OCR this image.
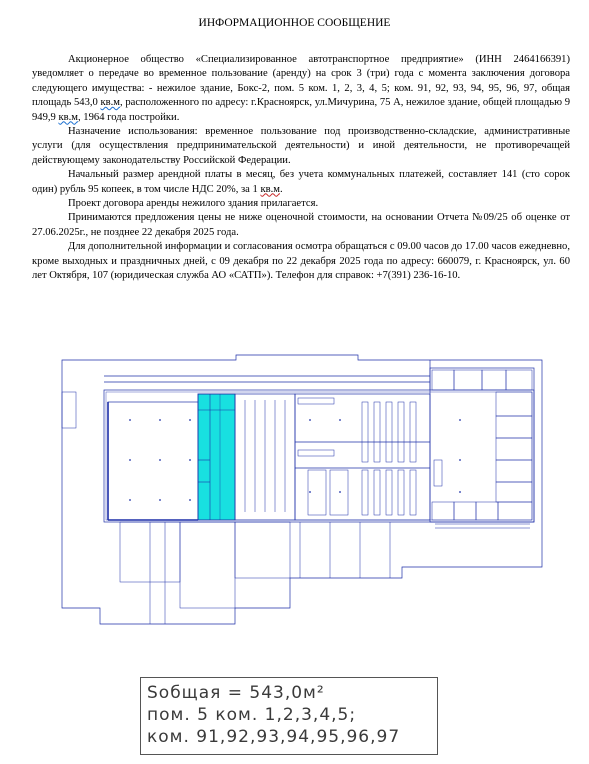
ИНФОРМАЦИОННОЕ СООБЩЕНИЕ

Акционерное общество «Специализированное автотранспортное предприятие» (ИНН 2464166391) уведомляет о передаче во временное пользование (аренду) на срок 3 (три) года с момента заключения договора следующего имущества: - нежилое здание, Бокс-2, пом. 5 ком. 1, 2, 3, 4, 5; ком. 91, 92, 93, 94, 95, 96, 97, общая площадь 543,0 кв.м, расположенного по адресу: г.Красноярск, ул.Мичурина, 75 А, нежилое здание, общей площадью 9 949,9 кв.м, 1964 года постройки.

Назначение использования: временное пользование под производственно-складские, административные услуги (для осуществления предпринимательской деятельности) и иной деятельности, не противоречащей действующему законодательству Российской Федерации.

Начальный размер арендной платы в месяц, без учета коммунальных платежей, составляет 141 (сто сорок один) рубль 95 копеек, в том числе НДС 20%, за 1 кв.м.

Проект договора аренды нежилого здания прилагается.

Принимаются предложения цены не ниже оценочной стоимости, на основании Отчета №09/25 об оценке от 27.06.2025г., не позднее 22 декабря 2025 года.

Для дополнительной информации и согласования осмотра обращаться с 09.00 часов до 17.00 часов ежедневно, кроме выходных и праздничных дней, с 09 декабря по 22 декабря 2025 года по адресу: 660079, г. Красноярск, ул. 60 лет Октября, 107 (юридическая служба АО «САТП»). Телефон для справок: +7(391) 236-16-10.

Sобщая = 543,0м²
пом. 5 ком. 1,2,3,4,5;
ком. 91,92,93,94,95,96,97
